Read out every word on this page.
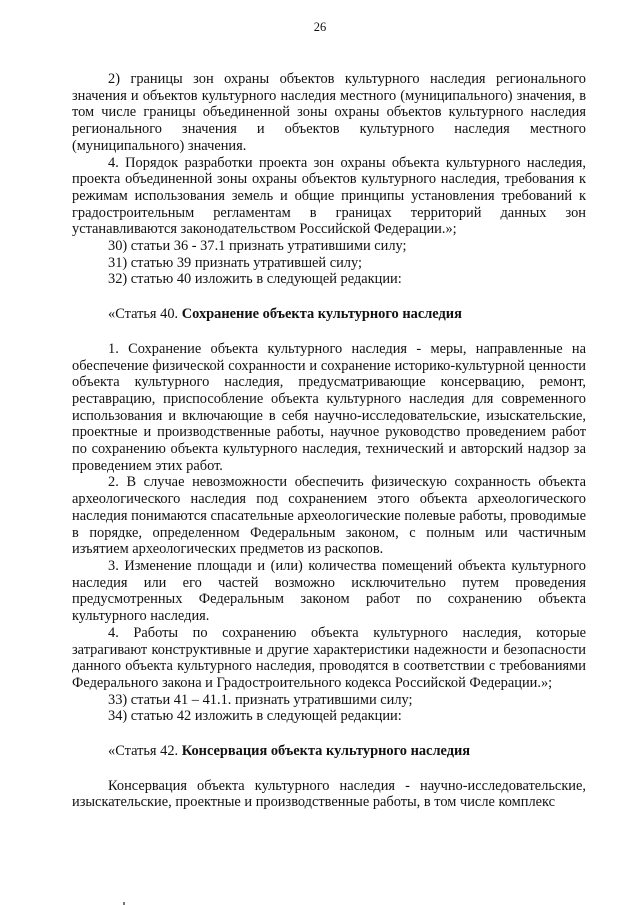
26

2) границы зон охраны объектов культурного наследия регионального значения и объектов культурного наследия местного (муниципального) значения, в том числе границы объединенной зоны охраны объектов культурного наследия регионального значения и объектов культурного наследия местного (муниципального) значения.

4. Порядок разработки проекта зон охраны объекта культурного наследия, проекта объединенной зоны охраны объектов культурного наследия, требования к режимам использования земель и общие принципы установления требований к градостроительным регламентам в границах территорий данных зон устанавливаются законодательством Российской Федерации.»;

30) статьи 36 - 37.1 признать утратившими силу;

31) статью 39 признать утратившей силу;

32) статью 40 изложить в следующей редакции:

«Статья 40. Сохранение объекта культурного наследия

1. Сохранение объекта культурного наследия - меры, направленные на обеспечение физической сохранности и сохранение историко-культурной ценности объекта культурного наследия, предусматривающие консервацию, ремонт, реставрацию, приспособление объекта культурного наследия для современного использования и включающие в себя научно-исследовательские, изыскательские, проектные и производственные работы, научное руководство проведением работ по сохранению объекта культурного наследия, технический и авторский надзор за проведением этих работ.

2. В случае невозможности обеспечить физическую сохранность объекта археологического наследия под сохранением этого объекта археологического наследия понимаются спасательные археологические полевые работы, проводимые в порядке, определенном Федеральным законом, с полным или частичным изъятием археологических предметов из раскопов.

3. Изменение площади и (или) количества помещений объекта культурного наследия или его частей возможно исключительно путем проведения предусмотренных Федеральным законом работ по сохранению объекта культурного наследия.

4. Работы по сохранению объекта культурного наследия, которые затрагивают конструктивные и другие характеристики надежности и безопасности данного объекта культурного наследия, проводятся в соответствии с требованиями Федерального закона и Градостроительного кодекса Российской Федерации.»;

33) статьи 41 – 41.1. признать утратившими силу;

34) статью 42 изложить в следующей редакции:

«Статья 42. Консервация объекта культурного наследия

Консервация объекта культурного наследия - научно-исследовательские, изыскательские, проектные и производственные работы, в том числе комплекс
